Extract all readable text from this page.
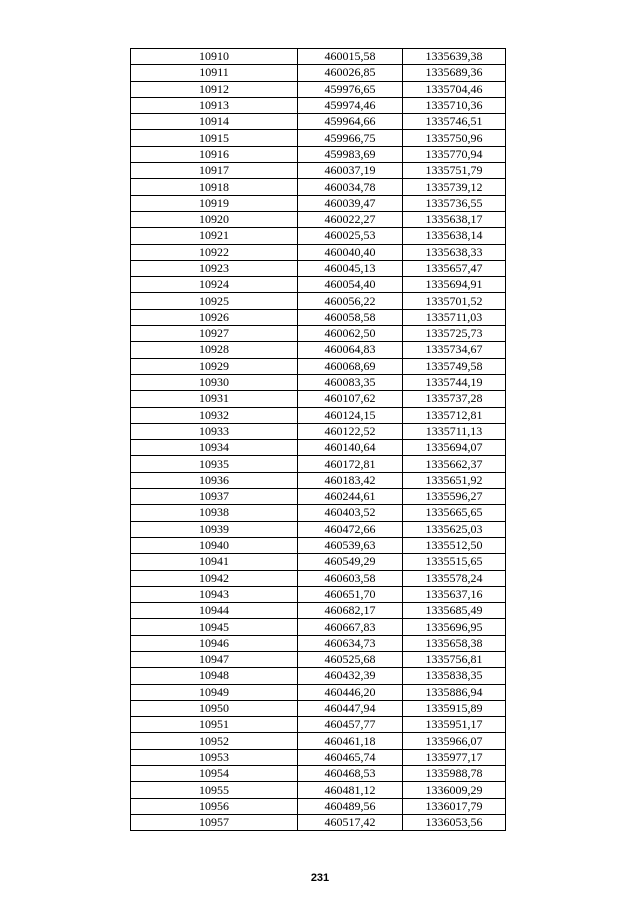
10910	460015,58	1335639,38
10911	460026,85	1335689,36
10912	459976,65	1335704,46
10913	459974,46	1335710,36
10914	459964,66	1335746,51
10915	459966,75	1335750,96
10916	459983,69	1335770,94
10917	460037,19	1335751,79
10918	460034,78	1335739,12
10919	460039,47	1335736,55
10920	460022,27	1335638,17
10921	460025,53	1335638,14
10922	460040,40	1335638,33
10923	460045,13	1335657,47
10924	460054,40	1335694,91
10925	460056,22	1335701,52
10926	460058,58	1335711,03
10927	460062,50	1335725,73
10928	460064,83	1335734,67
10929	460068,69	1335749,58
10930	460083,35	1335744,19
10931	460107,62	1335737,28
10932	460124,15	1335712,81
10933	460122,52	1335711,13
10934	460140,64	1335694,07
10935	460172,81	1335662,37
10936	460183,42	1335651,92
10937	460244,61	1335596,27
10938	460403,52	1335665,65
10939	460472,66	1335625,03
10940	460539,63	1335512,50
10941	460549,29	1335515,65
10942	460603,58	1335578,24
10943	460651,70	1335637,16
10944	460682,17	1335685,49
10945	460667,83	1335696,95
10946	460634,73	1335658,38
10947	460525,68	1335756,81
10948	460432,39	1335838,35
10949	460446,20	1335886,94
10950	460447,94	1335915,89
10951	460457,77	1335951,17
10952	460461,18	1335966,07
10953	460465,74	1335977,17
10954	460468,53	1335988,78
10955	460481,12	1336009,29
10956	460489,56	1336017,79
10957	460517,42	1336053,56
231
